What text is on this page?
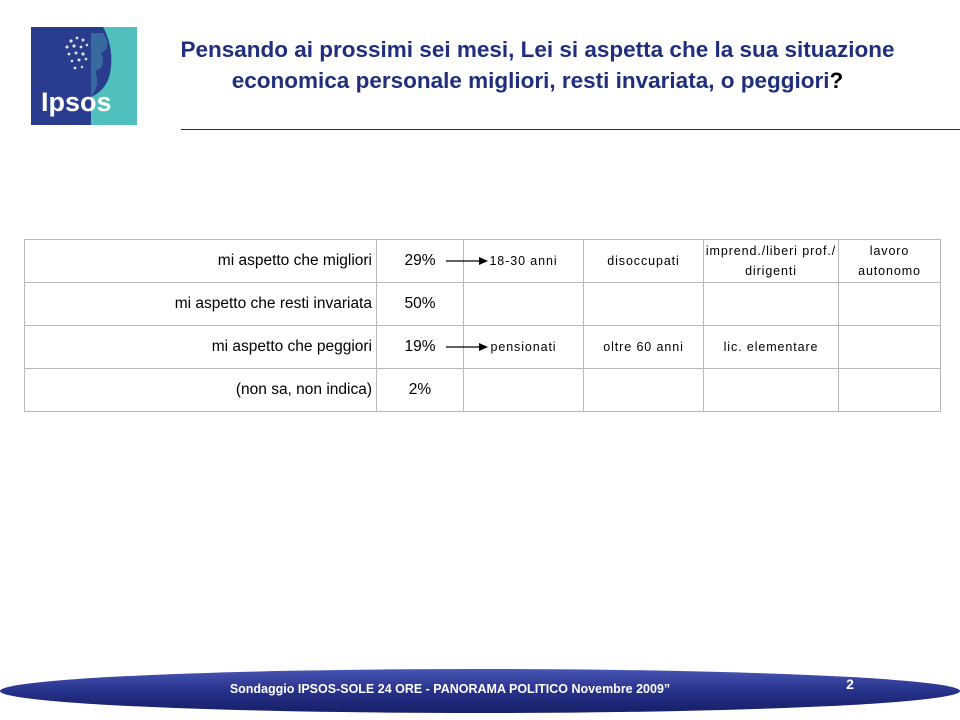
Ipsos
Pensando ai prossimi sei mesi, Lei si aspetta che la sua situazione economica personale migliori, resti invariata, o peggiori?
mi aspetto che migliori	29%	18-30 anni	disoccupati	imprend./liberi prof./ dirigenti	lavoro autonomo
mi aspetto che resti invariata	50%				
mi aspetto che peggiori	19%	pensionati	oltre 60 anni	lic. elementare	
(non sa, non indica)	2%				
Sondaggio IPSOS-SOLE 24 ORE - PANORAMA POLITICO Novembre 2009”	2
